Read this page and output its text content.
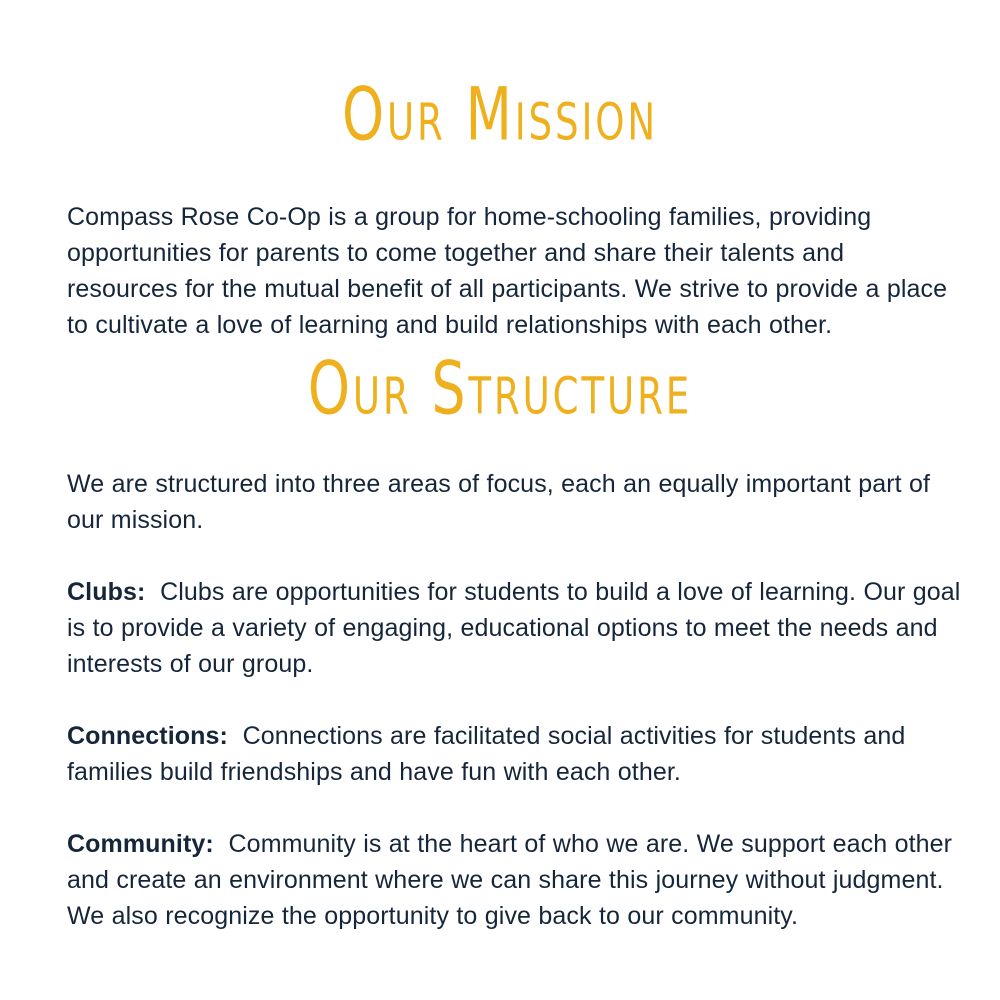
Our Mission

Compass Rose Co-Op is a group for home-schooling families, providing opportunities for parents to come together and share their talents and resources for the mutual benefit of all participants. We strive to provide a place to cultivate a love of learning and build relationships with each other.

Our Structure

We are structured into three areas of focus, each an equally important part of our mission.

Clubs: Clubs are opportunities for students to build a love of learning. Our goal is to provide a variety of engaging, educational options to meet the needs and interests of our group.

Connections: Connections are facilitated social activities for students and families build friendships and have fun with each other.

Community: Community is at the heart of who we are. We support each other and create an environment where we can share this journey without judgment. We also recognize the opportunity to give back to our community.
